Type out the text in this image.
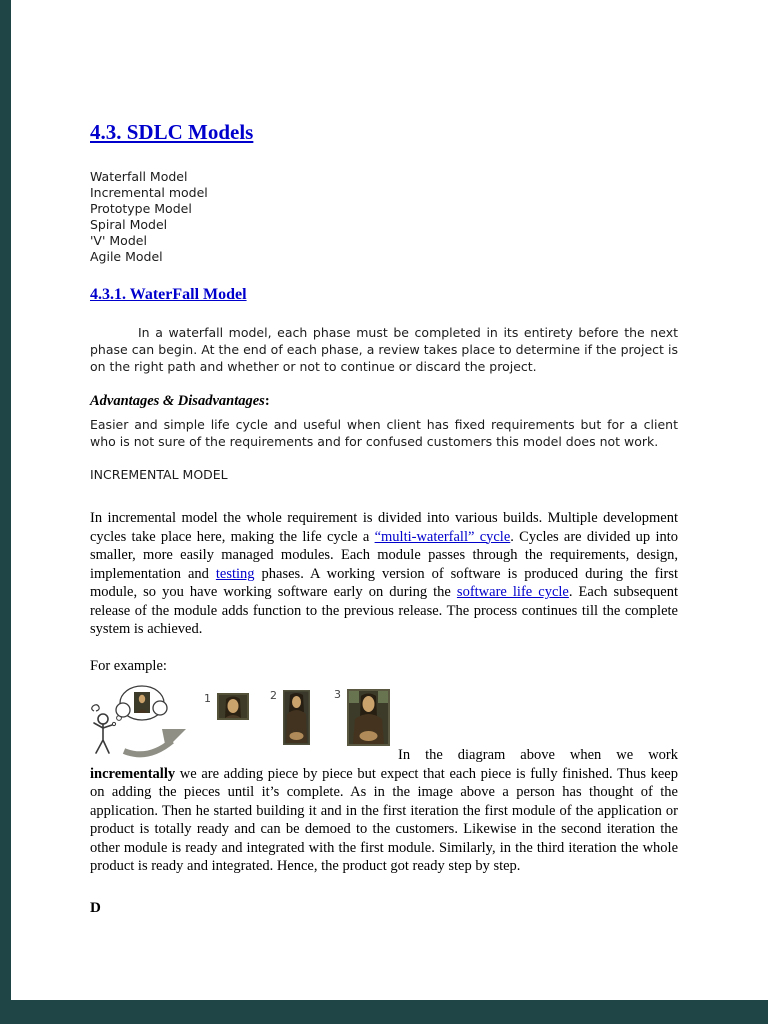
4.3. SDLC Models
Waterfall Model
Incremental model
Prototype Model
Spiral Model
'V' Model
Agile Model
4.3.1. WaterFall Model

In a waterfall model, each phase must be completed in its entirety before the next phase can begin. At the end of each phase, a review takes place to determine if the project is on the right path and whether or not to continue or discard the project.

Advantages & Disadvantages:

Easier and simple life cycle and useful when client has fixed requirements but for a client who is not sure of the requirements and for confused customers this model does not work.

INCREMENTAL MODEL

In incremental model the whole requirement is divided into various builds. Multiple development cycles take place here, making the life cycle a “multi-waterfall” cycle. Cycles are divided up into smaller, more easily managed modules. Each module passes through the requirements, design, implementation and testing phases. A working version of software is produced during the first module, so you have working software early on during the software life cycle. Each subsequent release of the module adds function to the previous release. The process continues till the complete system is achieved.

For example:

1	2	3
In the diagram above when we work incrementally we are adding piece by piece but expect that each piece is fully finished. Thus keep on adding the pieces until it’s complete. As in the image above a person has thought of the application. Then he started building it and in the first iteration the first module of the application or product is totally ready and can be demoed to the customers. Likewise in the second iteration the other module is ready and integrated with the first module. Similarly, in the third iteration the whole product is ready and integrated. Hence, the product got ready step by step.

D
